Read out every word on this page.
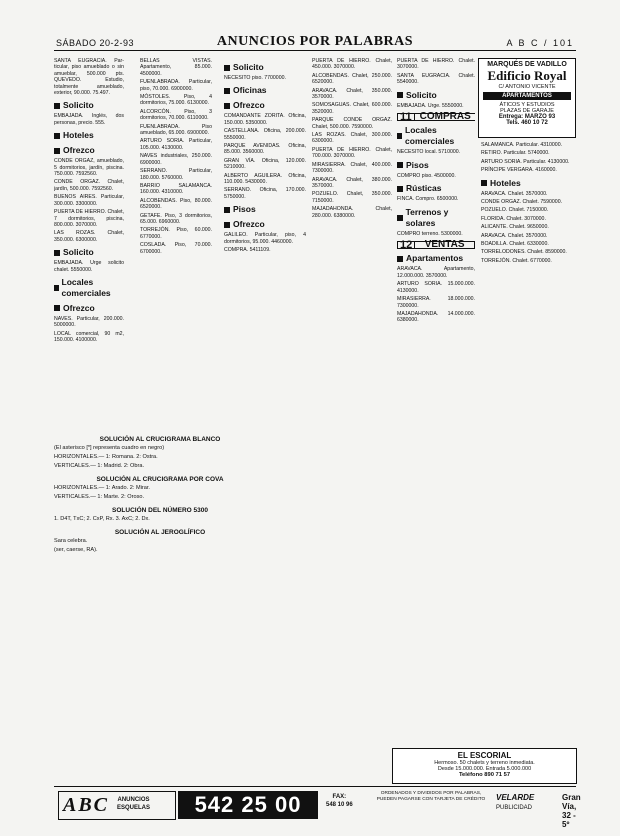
SÁBADO 20-2-93	ANUNCIOS POR PALABRAS	A B C / 101
SANTA EUGRACIA. Par- ticular, piso amueblado o sin amueblar, 500.000 pts. QUEVEDO. Estudio, totalmente amueblado, exterior, 90.000. 75.497.
Solicito
EMBAJADA. Inglés, dos personas, precio. 555.
Hoteles
Ofrezco
CONDE ORGAZ, amueblado, 5 dormitorios, jardín, piscina. 750.000. 7592560.
CONDE ORGAZ. Chalet, jardín, 500.000. 7592560.
BUENOS AIRES. Particular, 300.000. 3300000.
PUERTA DE HIERRO. Chalet, 7 dormitorios, piscina, 800.000. 3070000.
LAS ROZAS. Chalet, 350.000. 6300000.
Solicito
EMBAJADA. Urge solicito chalet. 5550000.
Locales comerciales
Ofrezco
NAVES. Particular, 200.000. 5000000.
LOCAL comercial, 90 m2, 150.000. 4100000.
BELLAS VISTAS. Apartamento, 85.000. 4500000.
FUENLABRADA. Particular, piso, 70.000. 6900000.
MÓSTOLES. Piso, 4 dormitorios, 75.000. 6130000.
ALCORCÓN. Piso, 3 dormitorios, 70.000. 6110000.
FUENLABRADA. Piso amueblado, 65.000. 6900000.
ARTURO SORIA. Particular, 105.000. 4130000.
NAVES industriales, 250.000. 6900000.
SERRANO. Particular, 180.000. 5760000.
BARRIO SALAMANCA. 160.000. 4310000.
ALCOBENDAS. Piso, 80.000. 6520000.
GETAFE. Piso, 3 dormitorios, 65.000. 6960000.
TORREJÓN. Piso, 60.000. 6770000.
COSLADA. Piso, 70.000. 6700000.
Solicito
NECESITO piso. 7700000.
Oficinas
Ofrezco
COMANDANTE ZORITA. Oficina, 150.000. 5350000.
CASTELLANA. Oficina, 200.000. 5550000.
PARQUE AVENIDAS. Oficina, 85.000. 3560000.
GRAN VÍA. Oficina, 120.000. 5210000.
ALBERTO AGUILERA. Oficina, 110.000. 5430000.
SERRANO. Oficina, 170.000. 5750000.
Pisos
Ofrezco
GALILEO. Particular, piso, 4 dormitorios, 95.000. 4460000.
COMPRA. 5411109.
PUERTA DE HIERRO. Chalet, 450.000. 3070000.
ALCOBENDAS. Chalet, 250.000. 6520000.
ARAVACA. Chalet, 350.000. 3570000.
SOMOSAGUAS. Chalet, 600.000. 3520000.
PARQUE CONDE ORGAZ. Chalet, 500.000. 7590000.
LAS ROZAS. Chalet, 300.000. 6300000.
PUERTA DE HIERRO. Chalet, 700.000. 3070000.
MIRASIERRA. Chalet, 400.000. 7300000.
ARAVACA. Chalet, 380.000. 3570000.
POZUELO. Chalet, 350.000. 7150000.
MAJADAHONDA. Chalet, 280.000. 6380000.
PUERTA DE HIERRO. Chalet. 3070000.
SANTA EUGRACIA. Chalet. 5540000.
Solicito
EMBAJADA. Urge. 5550000.
11 COMPRAS
Locales comerciales
NECESITO local. 5710000.
Pisos
COMPRO piso. 4500000.
Rústicas
FINCA. Compro. 6500000.
Terrenos y solares
COMPRO terreno. 5300000.
12	VENTAS
Apartamentos
ARAVACA. Apartamento, 12.000.000. 3570000.
ARTURO SORIA. 15.000.000. 4130000.
MIRASIERRA. 18.000.000. 7300000.
MAJADAHONDA. 14.000.000. 6380000.
SALAMANCA. Particular. 4310000.
RETIRO. Particular. 5740000.
ARTURO SORIA. Particular. 4130000.
PRÍNCIPE VERGARA. 4160000.
Hoteles
ARAVACA. Chalet. 3570000.
CONDE ORGAZ. Chalet. 7590000.
POZUELO. Chalet. 7150000.
FLORIDA. Chalet. 3070000.
ALICANTE. Chalet. 9650000.
ARAVACA. Chalet. 3570000.
BOADILLA. Chalet. 6330000.
TORRELODONES. Chalet. 8590000.
TORREJÓN. Chalet. 6770000.
SOLUCIÓN AL CRUCIGRAMA BLANCO

(El asterisco [*] representa cuadro en negro)

HORIZONTALES.— 1: Romana. 2: Ostra.

VERTICALES.— 1: Madrid. 2: Obra.

SOLUCIÓN AL CRUCIGRAMA POR COVA

HORIZONTALES.— 1: Arado. 2: Mirar.

VERTICALES.— 1: Marte. 2: Oroso.

SOLUCIÓN DEL NÚMERO 5300

1. D4T, TxC; 2. CxP, Rx. 3. AxC; 2. Dx.

SOLUCIÓN AL JEROGLÍFICO

Sara celebra.

(ser, caerse, RA).

MARQUÉS DE VADILLO
Edificio Royal
C/ ANTONIO VICENTE
APARTAMENTOS
ÁTICOS Y ESTUDIOS
PLAZAS DE GARAJE
Entrega: MARZO 93
Tels. 460 10 72
EL ESCORIAL
Hermoso. 50 chalets y terreno inmediata.
Desde 15.000.000. Entrada 5.000.000
Teléfono 890 71 57
ABC ANUNCIOS
ESQUELAS	542 25 00	FAX:
548 10 96
ORDENADOS Y DIVIDIDOS POR PALABRAS, PUEDEN PAGARSE CON TARJETA DE CRÉDITO	VELARDE
PUBLICIDAD
Gran Vía, 32 - 5º
